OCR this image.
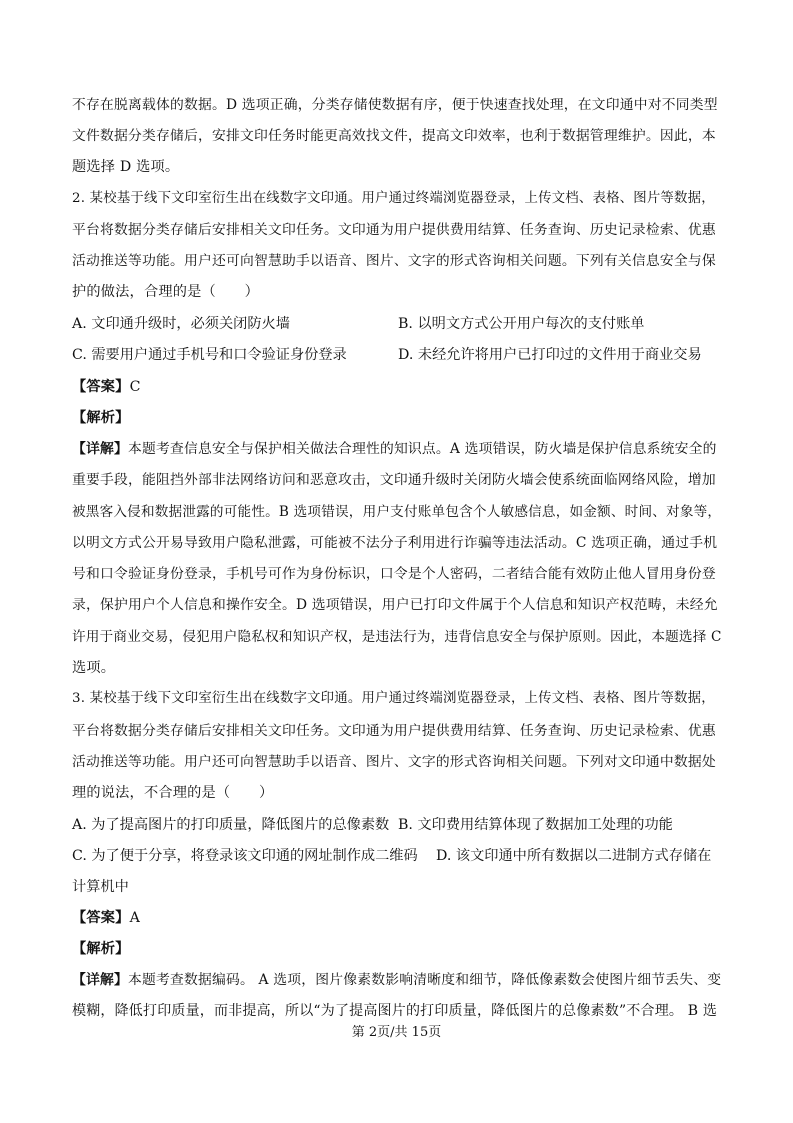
不存在脱离载体的数据。D 选项正确，分类存储使数据有序，便于快速查找处理，在文印通中对不同类型
文件数据分类存储后，安排文印任务时能更高效找文件，提高文印效率，也利于数据管理维护。因此，本
题选择 D 选项。
2. 某校基于线下文印室衍生出在线数字文印通。用户通过终端浏览器登录，上传文档、表格、图片等数据，
平台将数据分类存储后安排相关文印任务。文印通为用户提供费用结算、任务查询、历史记录检索、优惠
活动推送等功能。用户还可向智慧助手以语音、图片、文字的形式咨询相关问题。下列有关信息安全与保
护的做法，合理的是（　　）
A. 文印通升级时，必须关闭防火墙	B. 以明文方式公开用户每次的支付账单
C. 需要用户通过手机号和口令验证身份登录	D. 未经允许将用户已打印过的文件用于商业交易
【答案】C
【解析】
【详解】本题考查信息安全与保护相关做法合理性的知识点。A 选项错误，防火墙是保护信息系统安全的
重要手段，能阻挡外部非法网络访问和恶意攻击，文印通升级时关闭防火墙会使系统面临网络风险，增加
被黑客入侵和数据泄露的可能性。B 选项错误，用户支付账单包含个人敏感信息，如金额、时间、对象等，
以明文方式公开易导致用户隐私泄露，可能被不法分子利用进行诈骗等违法活动。C 选项正确，通过手机
号和口令验证身份登录，手机号可作为身份标识，口令是个人密码，二者结合能有效防止他人冒用身份登
录，保护用户个人信息和操作安全。D 选项错误，用户已打印文件属于个人信息和知识产权范畴，未经允
许用于商业交易，侵犯用户隐私权和知识产权，是违法行为，违背信息安全与保护原则。因此，本题选择 C
选项。
3. 某校基于线下文印室衍生出在线数字文印通。用户通过终端浏览器登录，上传文档、表格、图片等数据，
平台将数据分类存储后安排相关文印任务。文印通为用户提供费用结算、任务查询、历史记录检索、优惠
活动推送等功能。用户还可向智慧助手以语音、图片、文字的形式咨询相关问题。下列对文印通中数据处
理的说法，不合理的是（　　）
A. 为了提高图片的打印质量，降低图片的总像素数 B. 文印费用结算体现了数据加工处理的功能
C. 为了便于分享，将登录该文印通的网址制作成二维码 D. 该文印通中所有数据以二进制方式存储在
计算机中
【答案】A
【解析】
【详解】本题考查数据编码。 A 选项，图片像素数影响清晰度和细节，降低像素数会使图片细节丢失、变
模糊，降低打印质量，而非提高，所以“为了提高图片的打印质量，降低图片的总像素数”不合理。 B 选
第 2页/共 15页
